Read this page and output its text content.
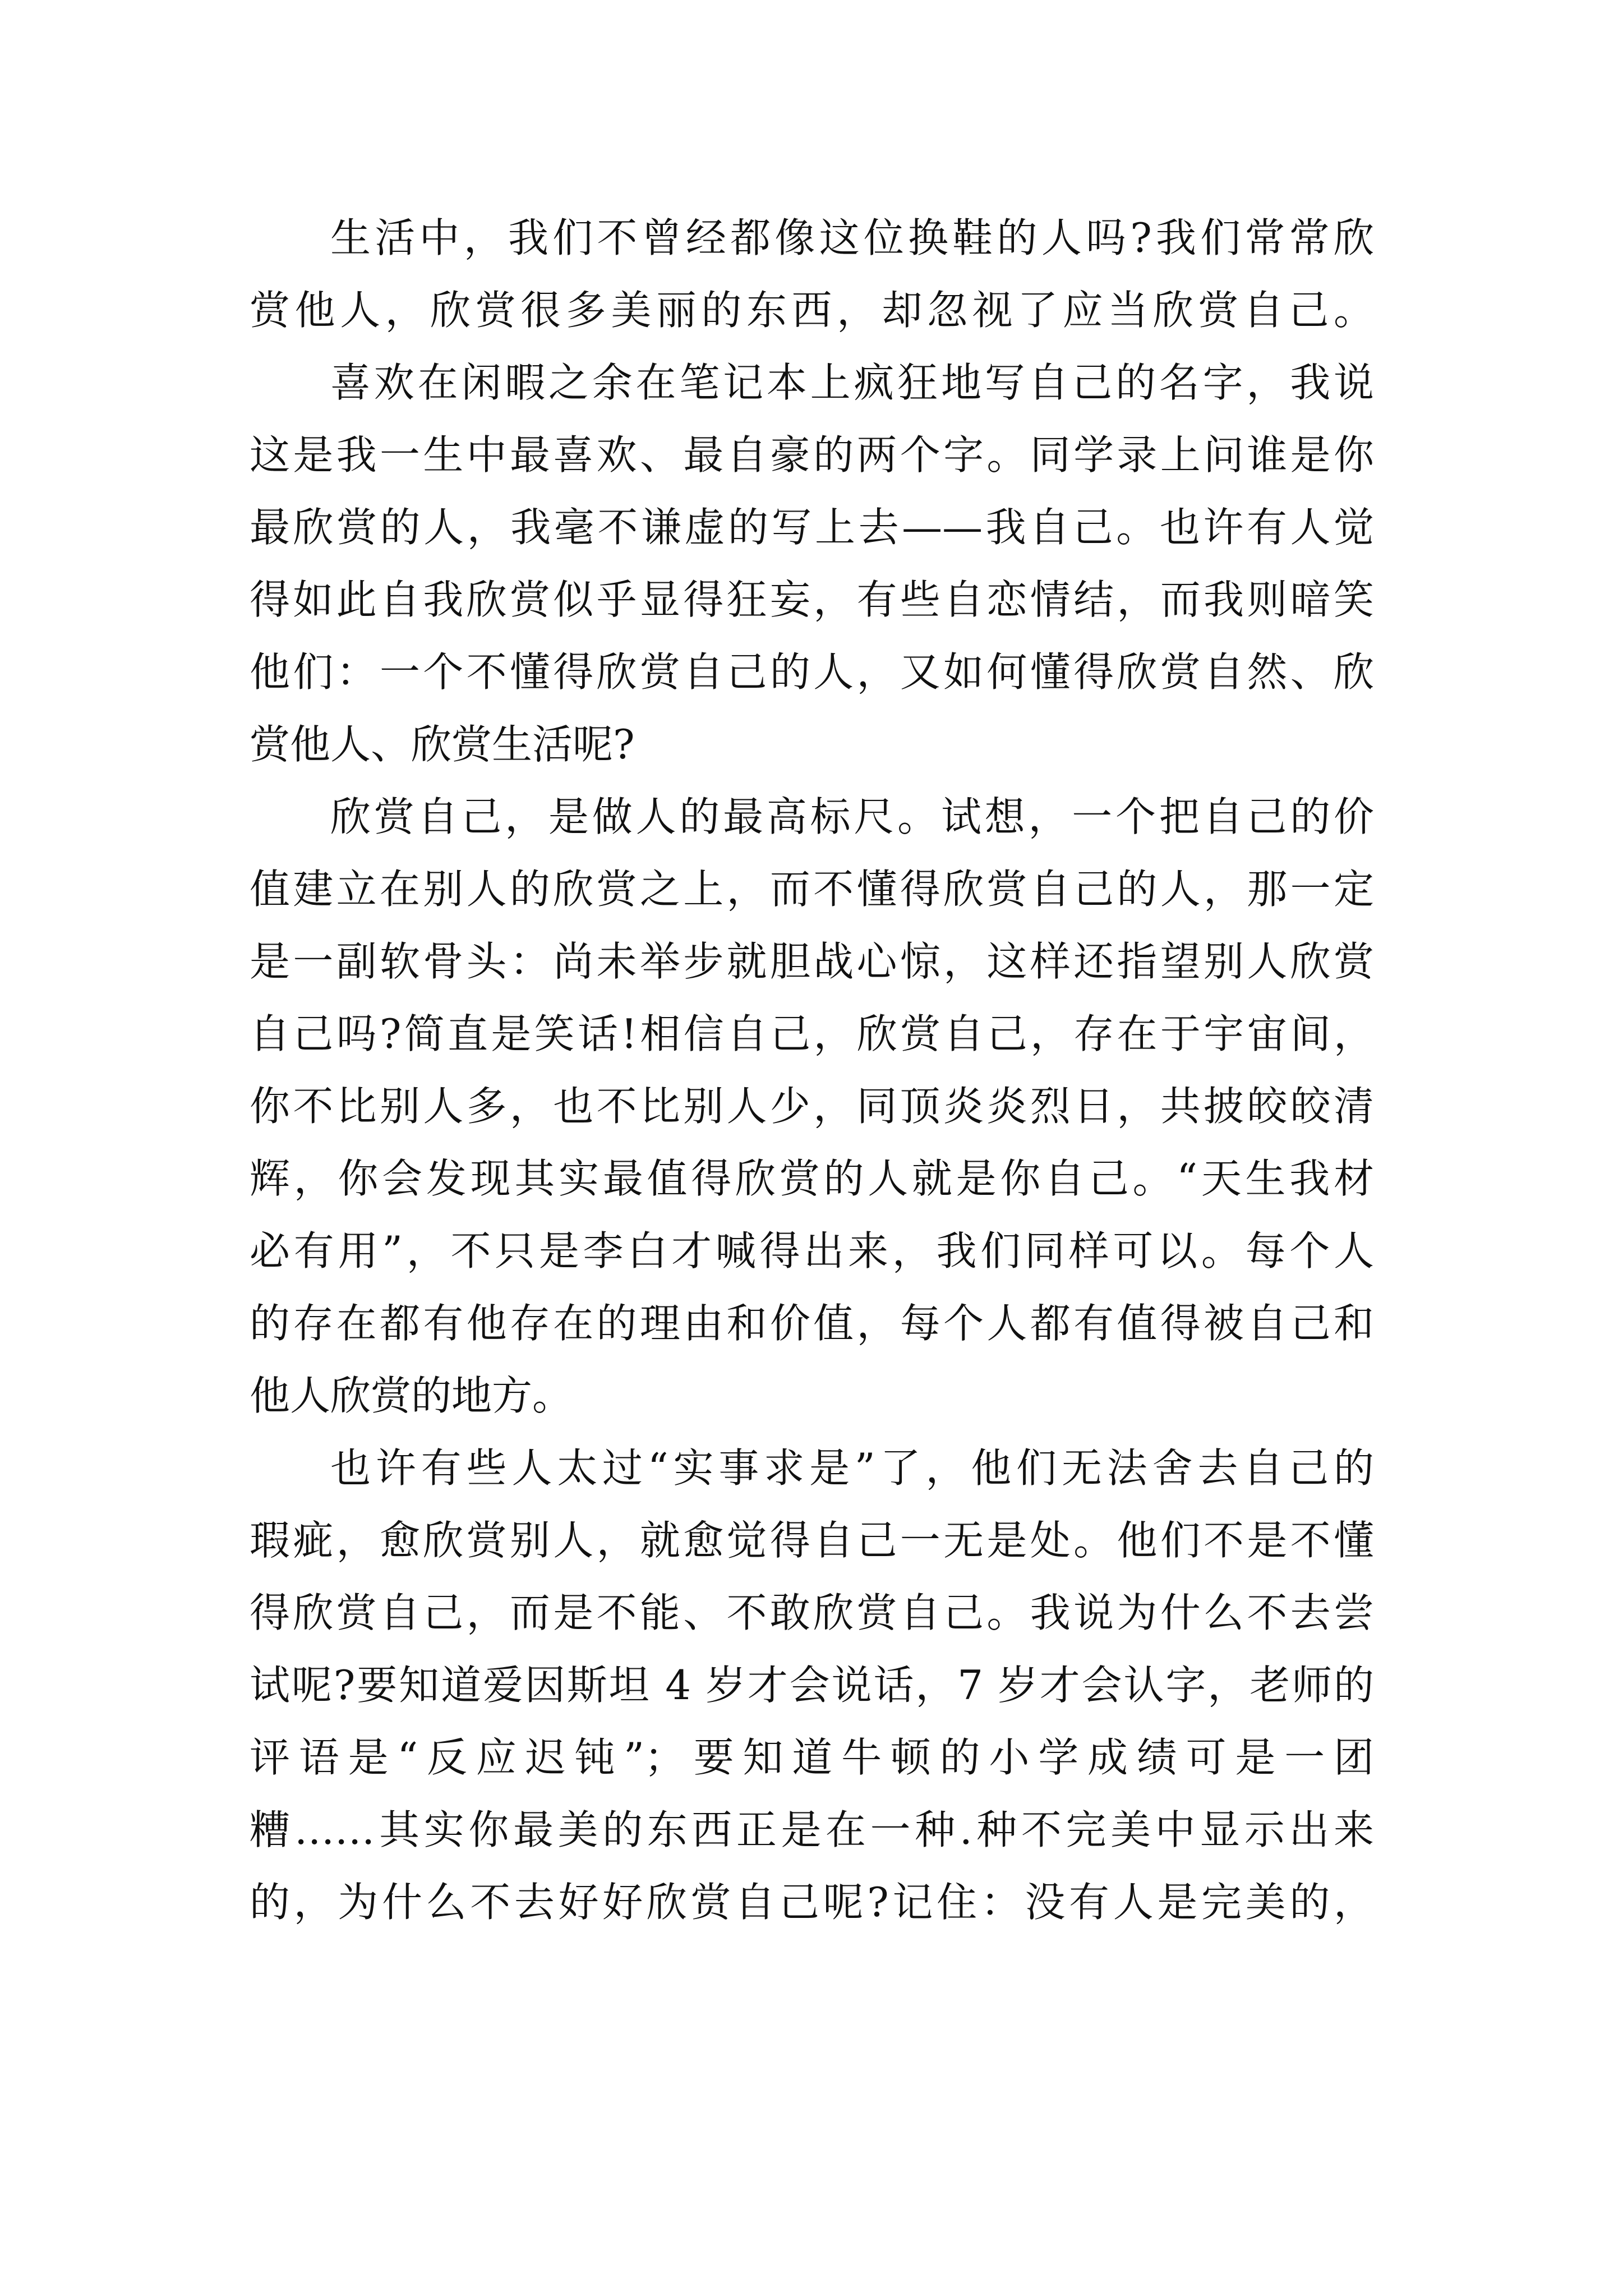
生活中，我们不曾经都像这位换鞋的人吗?我们常常欣
赏他人，欣赏很多美丽的东西，却忽视了应当欣赏自己。
喜欢在闲暇之余在笔记本上疯狂地写自己的名字，我说
这是我一生中最喜欢、最自豪的两个字。同学录上问谁是你
最欣赏的人，我毫不谦虚的写上去——我自己。也许有人觉
得如此自我欣赏似乎显得狂妄，有些自恋情结，而我则暗笑
他们：一个不懂得欣赏自己的人，又如何懂得欣赏自然、欣
赏他人、欣赏生活呢?
欣赏自己，是做人的最高标尺。试想，一个把自己的价
值建立在别人的欣赏之上，而不懂得欣赏自己的人，那一定
是一副软骨头：尚未举步就胆战心惊，这样还指望别人欣赏
自己吗?简直是笑话!相信自己，欣赏自己，存在于宇宙间，
你不比别人多，也不比别人少，同顶炎炎烈日，共披皎皎清
辉，你会发现其实最值得欣赏的人就是你自己。“天生我材
必有用”，不只是李白才喊得出来，我们同样可以。每个人
的存在都有他存在的理由和价值，每个人都有值得被自己和
他人欣赏的地方。
也许有些人太过“实事求是”了，他们无法舍去自己的
瑕疵，愈欣赏别人，就愈觉得自己一无是处。他们不是不懂
得欣赏自己，而是不能、不敢欣赏自己。我说为什么不去尝
试呢?要知道爱因斯坦 4 岁才会说话，7 岁才会认字，老师的
评语是“反应迟钝”；要知道牛顿的小学成绩可是一团
糟……其实你最美的东西正是在一种.种不完美中显示出来
的，为什么不去好好欣赏自己呢?记住：没有人是完美的，
